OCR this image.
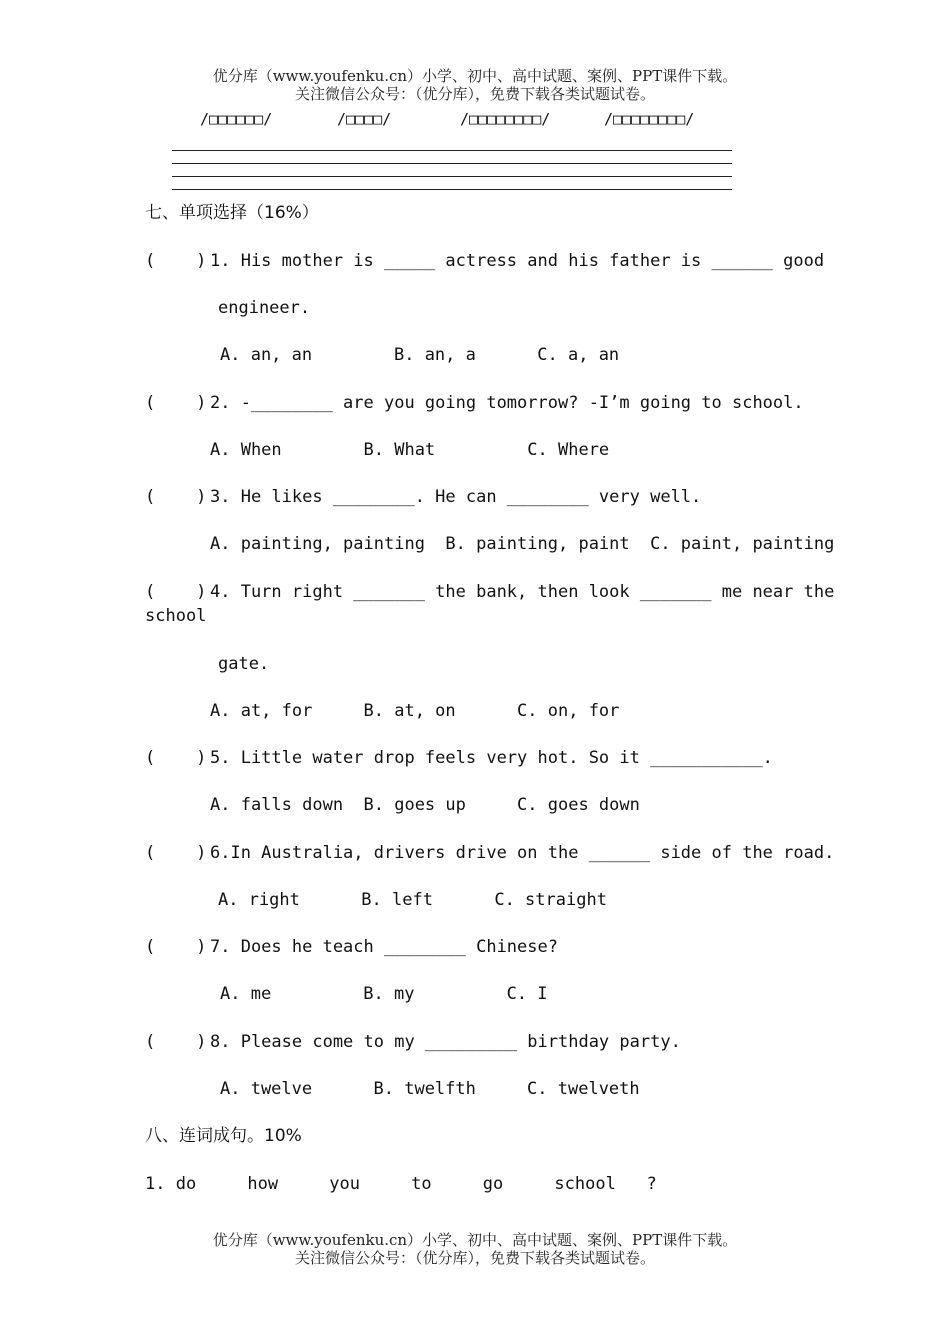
优分库（www.youfenku.cn）小学、初中、高中试题、案例、PPT课件下载。
关注微信公众号：（优分库），免费下载各类试题试卷。
/□□□□□□/	/□□□□/	/□□□□□□□□/	/□□□□□□□□/
七、单项选择（16%）
(    ) 1. His mother is _____ actress and his father is ______ good
engineer.
A. an, an        B. an, a      C. a, an
(    ) 2. -________ are you going tomorrow? -I’m going to school.
A. When        B. What         C. Where
(    ) 3. He likes ________. He can ________ very well.
A. painting, painting  B. painting, paint  C. paint, painting
(    ) 4. Turn right _______ the bank, then look _______ me near the
school
gate.
A. at, for     B. at, on      C. on, for
(    ) 5. Little water drop feels very hot. So it ___________.
A. falls down  B. goes up     C. goes down
(    ) 6.In Australia, drivers drive on the ______ side of the road.
A. right      B. left      C. straight
(    ) 7. Does he teach ________ Chinese?
A. me         B. my         C. I
(    ) 8. Please come to my _________ birthday party.
A. twelve      B. twelfth     C. twelveth
八、连词成句。10%
1. do     how     you     to     go     school   ?
优分库（www.youfenku.cn）小学、初中、高中试题、案例、PPT课件下载。
关注微信公众号：（优分库），免费下载各类试题试卷。
